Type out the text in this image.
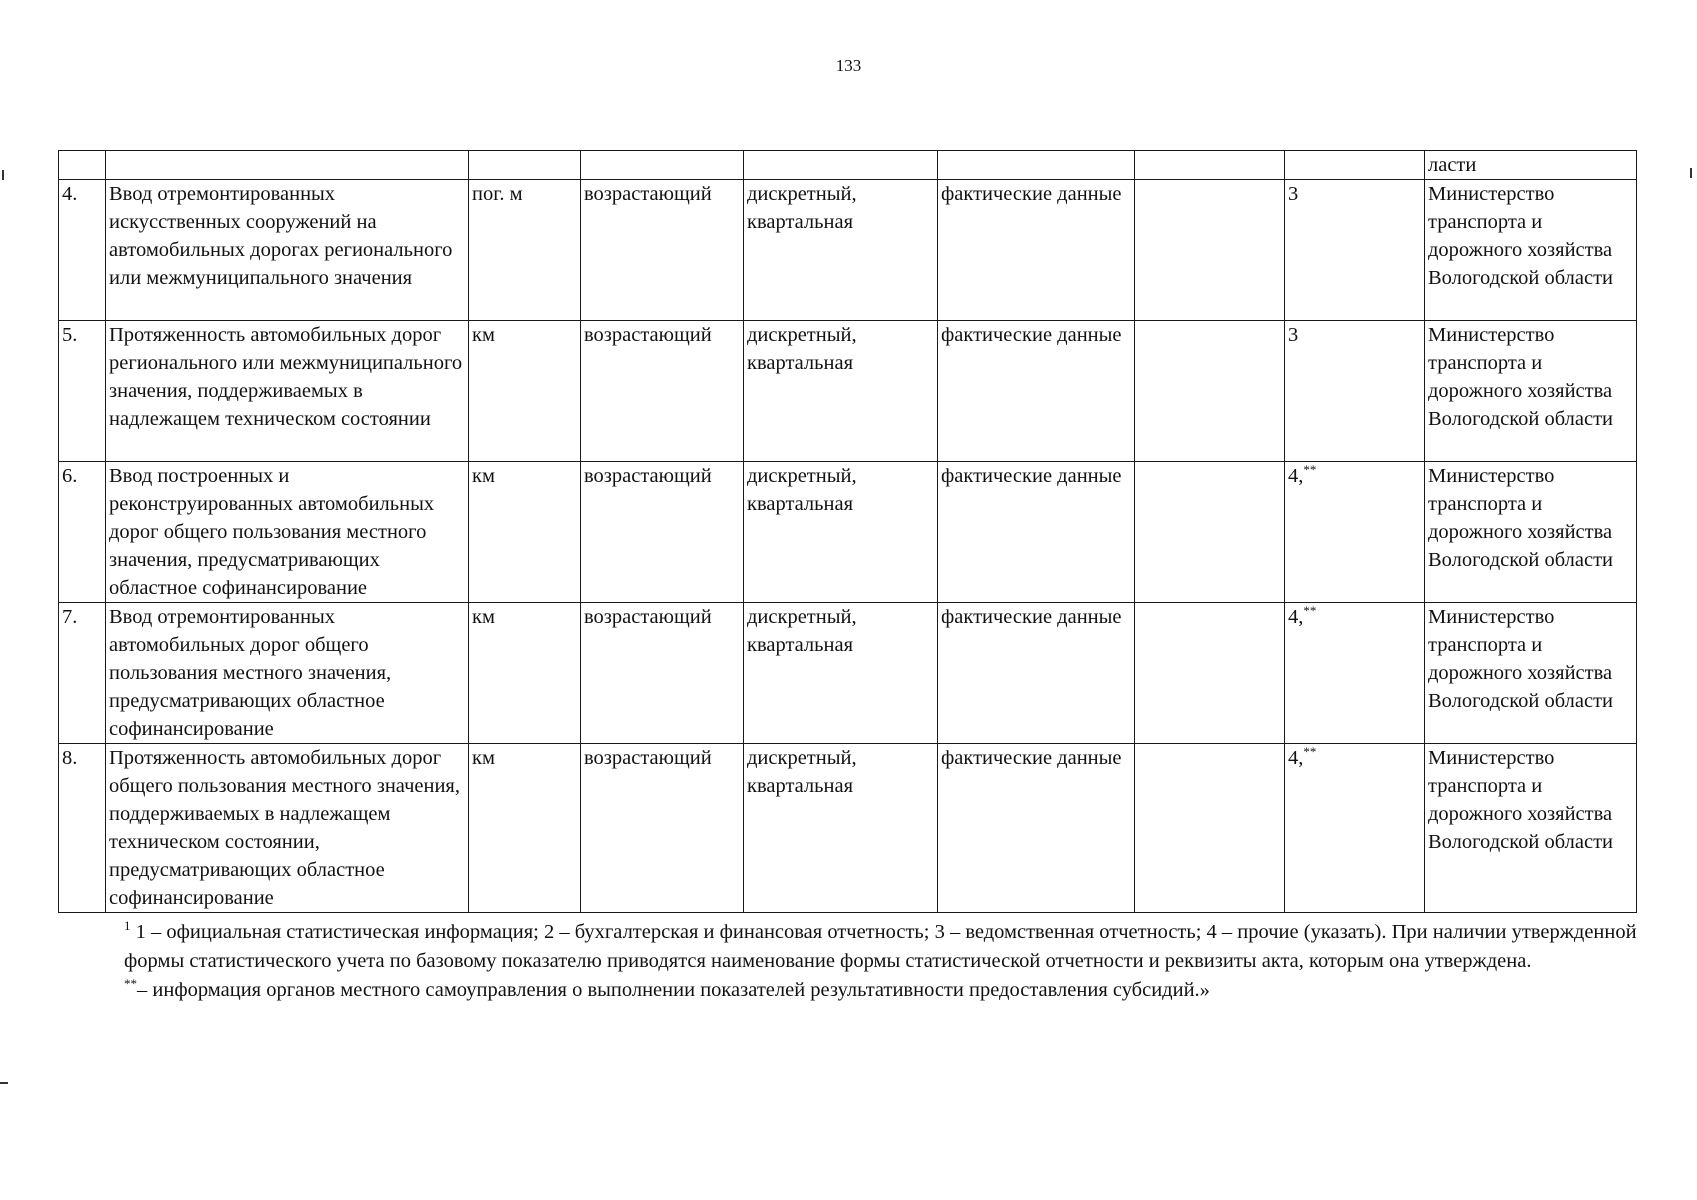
133
								ласти
4.	Ввод отремонтированных искусственных сооружений на автомобильных дорогах регионального или межмуниципального значения	пог. м	возрастающий	дискретный, квартальная	фактические данные		3	Министерство транспорта и дорожного хозяйства Вологодской области
5.	Протяженность автомобильных дорог регионального или межмуниципального значения, поддерживаемых в надлежащем техническом состоянии	км	возрастающий	дискретный, квартальная	фактические данные		3	Министерство транспорта и дорожного хозяйства Вологодской области
6.	Ввод построенных и реконструированных автомобильных дорог общего пользования местного значения, предусматривающих областное софинансирование	км	возрастающий	дискретный, квартальная	фактические данные		4,**	Министерство транспорта и дорожного хозяйства Вологодской области
7.	Ввод отремонтированных автомобильных дорог общего пользования местного значения, предусматривающих областное софинансирование	км	возрастающий	дискретный, квартальная	фактические данные		4,**	Министерство транспорта и дорожного хозяйства Вологодской области
8.	Протяженность автомобильных дорог общего пользования местного значения, поддерживаемых в надлежащем техническом состоянии, предусматривающих областное софинансирование	км	возрастающий	дискретный, квартальная	фактические данные		4,**	Министерство транспорта и дорожного хозяйства Вологодской области

$^1$ 1 – официальная статистическая информация; 2 – бухгалтерская и финансовая отчетность; 3 – ведомственная отчетность; 4 – прочие (указать). При наличии утвержденной формы статистического учета по базовому показателю приводятся наименование формы статистической отчетности и реквизиты акта, которым она утверждена.

**– информация органов местного самоуправления о выполнении показателей результативности предоставления субсидий.»
